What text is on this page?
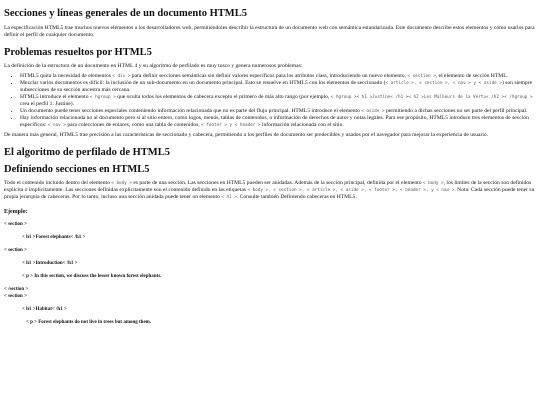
Secciones y líneas generales de un documento HTML5

La especificación HTML5 trae muchos nuevos elementos a los desarrolladores web, permitiéndoles describir la estructura de un documento web con semántica estandarizada. Este documento describe estos elementos y cómo usarlos para definir el perfil de cualquier documento.

Problemas resueltos por HTML5

La definición de la estructura de un documento en HTML 4 y su algoritmo de perfilado es muy tosco y genera numerosos problemas:

• HTML5 quita la necesidad de elementos < div > para definir secciones semánticas sin definir valores específicos para los atributos class, introduciendo un nuevo elemento, < section >, el elemento de sección HTML.
• Mezclar varios documentos es difícil: la inclusión de un sub-documento en un documento principal. Esto se resuelve en HTML5 con los elementos de seccionado (< article >, < section >, < nav > y < aside >) son siempre subsecciones de su sección ancestra más cercana.
• HTML5 introduce el elemento < hgroup > que oculta todos los elementos de cabecera excepto el primero de más alto rango (por ejemplo, < hgroup >< h1 >Justine< /h1 >< h2 >Les Malheurs de la Vertu< /h2 >< /hgroup > crea el perfil 1. Justine).
• Un documento puede tener secciones especiales conteniendo información relacionada que no es parte del flujo principal. HTML5 introduce el elemento < aside > permitiendo a dichas secciones no ser parte del perfil principal.
• Hay información relacionada no al documento pero si al sitio entero, como logos, menús, tablas de contenidos, o información de derechos de autor y notas legales. Para ese propósito, HTML5 introduce tres elementos de sección específicos: < nav > para colecciones de enlaces, como una tabla de contenidos, < footer > y < header > información relacionada con el sitio.

De manera más general, HTML5 trae precisión a las características de seccionado y cabecera, permitiendo a los perfiles de documento ser predecibles y usados por el navegador para mejorar la experiencia de usuario.

El algoritmo de perfilado de HTML5
Definiendo secciones en HTML5

Todo el contenido incluido dentro del elemento < body > es parte de una sección. Las secciones en HTML5 pueden ser anidadas. Además de la sección principal, definida por el elemento < body >, los límites de la sección son definidos explícita o implícitamente. Las secciones definidas explícitamente son el contenido definido en las etiquetas < body >, < section >, < article >, < aside >, < footer >, < header >, y < nav >. Nota: Cada sección puede tener su propia jerarquía de cabeceras. Por lo tanto, incluso una sección anidada puede tener un elemento < h1 >. Consulte también Definiendo cabeceras en HTML5.

Ejemplo:

< section >

< h1 >Forest elephants< /h1 >

< section >

< h1 >Introduction< /h1 >

< p > In this section, we discuss the lesser known forest elephants.

< /section >

< section >

< h1 >Habitat< /h1 >

< p > Forest elephants do not live in trees but among them.
